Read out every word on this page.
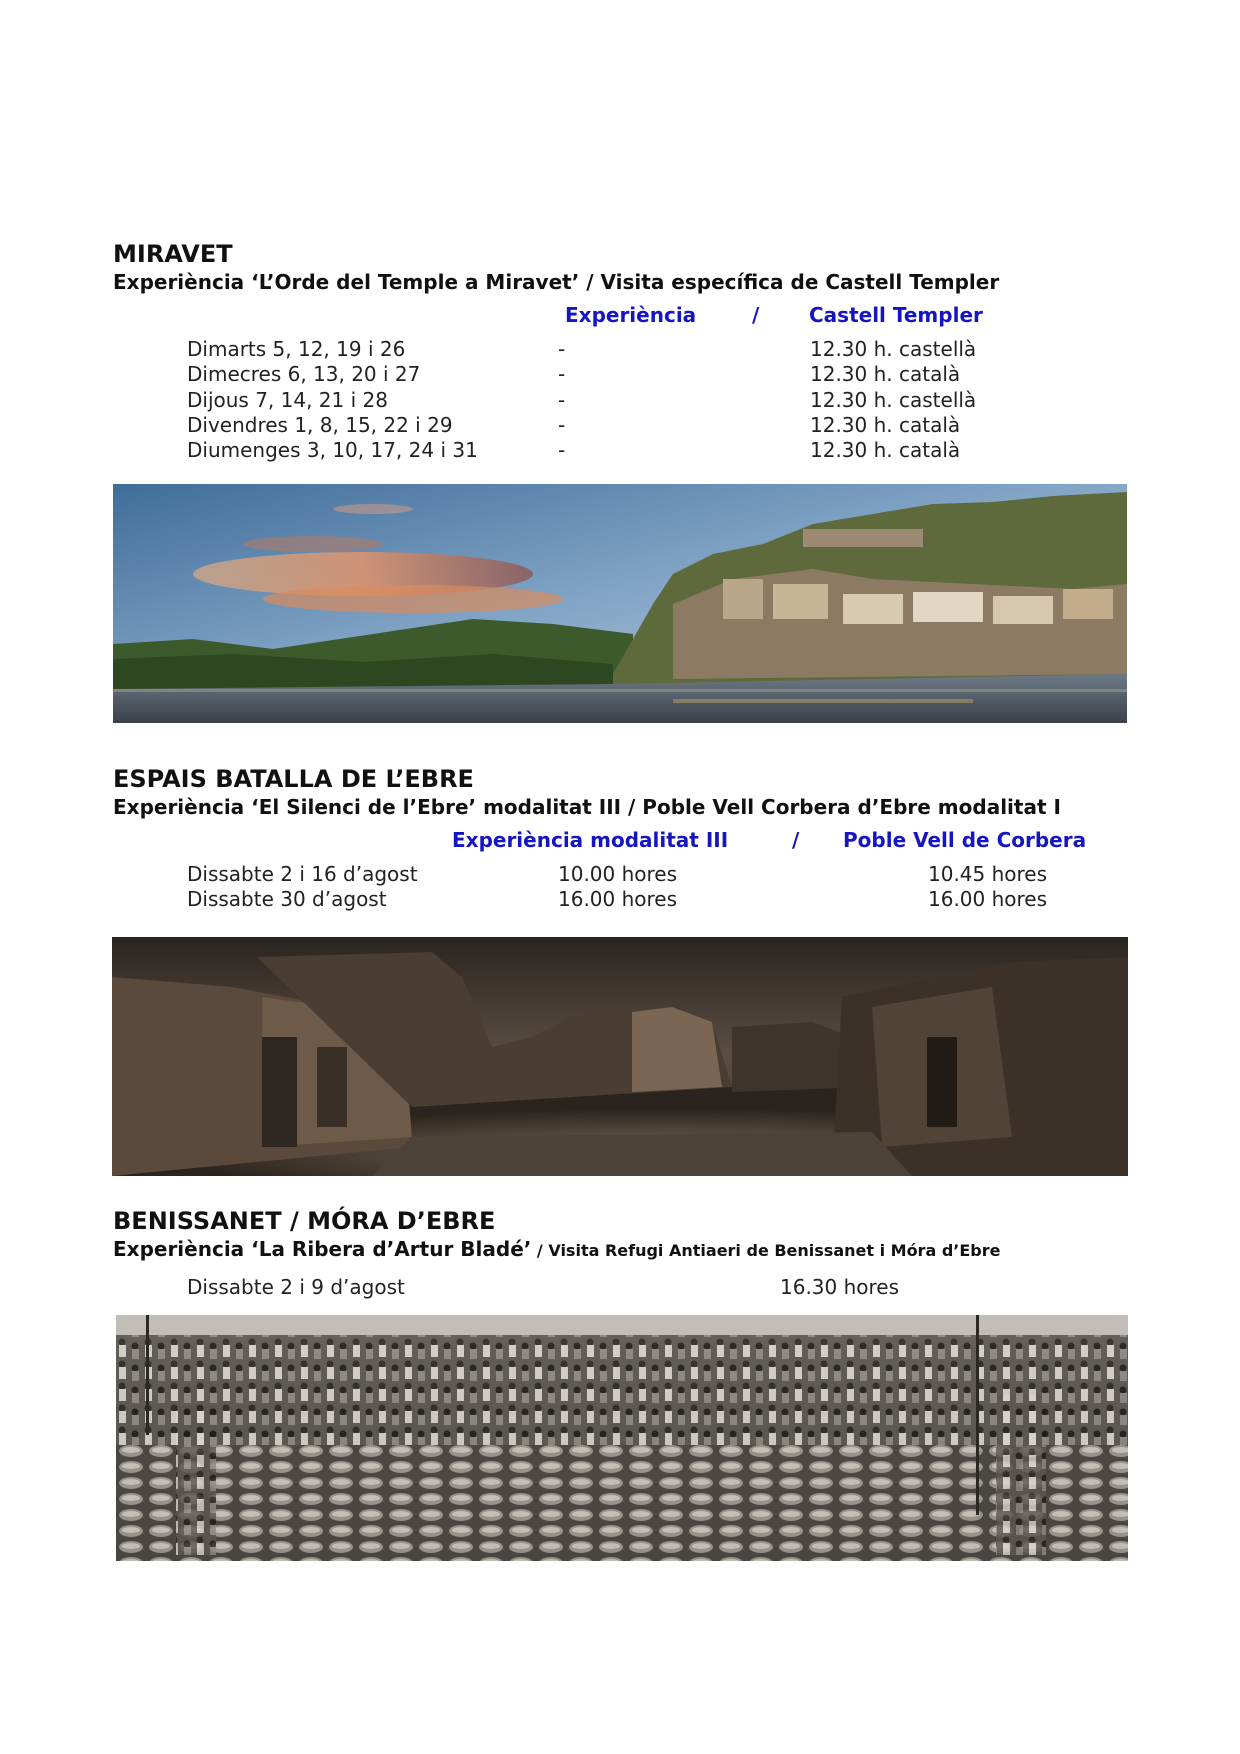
MIRAVET
Experiència ‘L’Orde del Temple a Miravet’ / Visita específica de Castell Templer
Experiència	/ Castell Templer
Dimarts 5, 12, 19 i 26	-	12.30 h. castellà
Dimecres 6, 13, 20 i 27	-	12.30 h. català
Dijous 7, 14, 21 i 28	-	12.30 h. castellà
Divendres 1, 8, 15, 22 i 29	-	12.30 h. català
Diumenges 3, 10, 17, 24 i 31	-	12.30 h. català
ESPAIS BATALLA DE L’EBRE
Experiència ‘El Silenci de l’Ebre’ modalitat III / Poble Vell Corbera d’Ebre modalitat I
Experiència modalitat III	/ Poble Vell de Corbera
Dissabte 2 i 16 d’agost	10.00 hores	10.45 hores
Dissabte 30 d’agost	16.00 hores	16.00 hores
BENISSANET / MÓRA D’EBRE
Experiència ‘La Ribera d’Artur Bladé’ / Visita Refugi Antiaeri de Benissanet i Móra d’Ebre
Dissabte 2 i 9 d’agost	16.30 hores
